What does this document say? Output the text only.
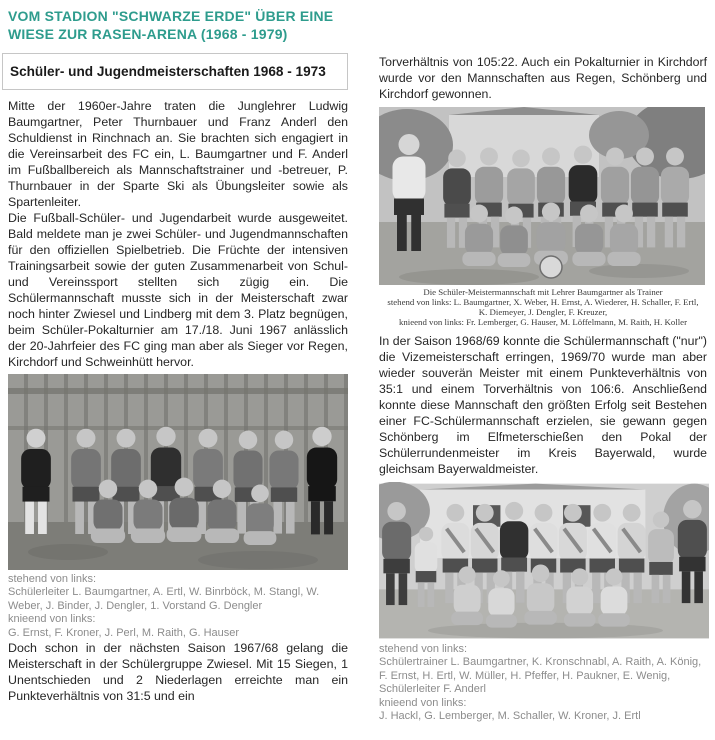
VOM STADION "SCHWARZE ERDE" ÜBER EINE
WIESE ZUR RASEN-ARENA (1968 - 1979)
Schüler- und Jugendmeisterschaften 1968 - 1973

Mitte der 1960er-Jahre traten die Junglehrer Ludwig Baumgartner, Peter Thurnbauer und Franz Anderl den Schuldienst in Rinchnach an. Sie brachten sich engagiert in die Vereinsarbeit des FC ein, L. Baumgartner und F. Anderl im Fußballbereich als Mannschaftstrainer und -betreuer, P. Thurnbauer in der Sparte Ski als Übungsleiter sowie als Spartenleiter.

Die Fußball-Schüler- und Jugendarbeit wurde ausgeweitet. Bald meldete man je zwei Schüler- und Jugendmannschaften für den offiziellen Spielbetrieb. Die Früchte der intensiven Trainingsarbeit sowie der guten Zusammenarbeit von Schul- und Vereinssport stellten sich zügig ein. Die Schülermannschaft musste sich in der Meisterschaft zwar noch hinter Zwiesel und Lindberg mit dem 3. Platz begnügen, beim Schüler-Pokalturnier am 17./18. Juni 1967 anlässlich der 20-Jahrfeier des FC ging man aber als Sieger vor Regen, Kirchdorf und Schweinhütt hervor.

stehend von links:
Schülerleiter L. Baumgartner, A. Ertl, W. Binrböck, M. Stangl, W. Weber, J. Binder, J. Dengler, 1. Vorstand G. Dengler
knieend von links:
G. Ernst, F. Kroner, J. Perl, M. Raith, G. Hauser

Doch schon in der nächsten Saison 1967/68 gelang die Meisterschaft in der Schülergruppe Zwiesel. Mit 15 Siegen, 1 Unentschieden und 2 Niederlagen erreichte man ein Punkteverhältnis von 31:5 und ein

Torverhältnis von 105:22. Auch ein Pokalturnier in Kirchdorf wurde vor den Mannschaften aus Regen, Schönberg und Kirchdorf gewonnen.

Die Schüler-Meistermannschaft mit Lehrer Baumgartner als Trainer
stehend von links: L. Baumgartner, X. Weber, H. Ernst, A. Wiederer, H. Schaller, F. Ertl,
K. Diemeyer, J. Dengler, F. Kreuzer,
knieend von links: Fr. Lemberger, G. Hauser, M. Löffelmann, M. Raith, H. Koller

In der Saison 1968/69 konnte die Schülermannschaft ("nur") die Vizemeisterschaft erringen, 1969/70 wurde man aber wieder souverän Meister mit einem Punkteverhältnis von 35:1 und einem Torverhältnis von 106:6. Anschließend konnte diese Mannschaft den größten Erfolg seit Bestehen einer FC-Schülermannschaft erzielen, sie gewann gegen Schönberg im Elfmeterschießen den Pokal der Schülerrundenmeister im Kreis Bayerwald, wurde gleichsam Bayerwaldmeister.

stehend von links:
Schülertrainer L. Baumgartner, K. Kronschnabl, A. Raith, A. König, F. Ernst, H. Ertl, W. Müller, H. Pfeffer, H. Paukner, E. Wenig, Schülerleiter F. Anderl
knieend von links:
J. Hackl, G. Lemberger, M. Schaller, W. Kroner, J. Ertl
